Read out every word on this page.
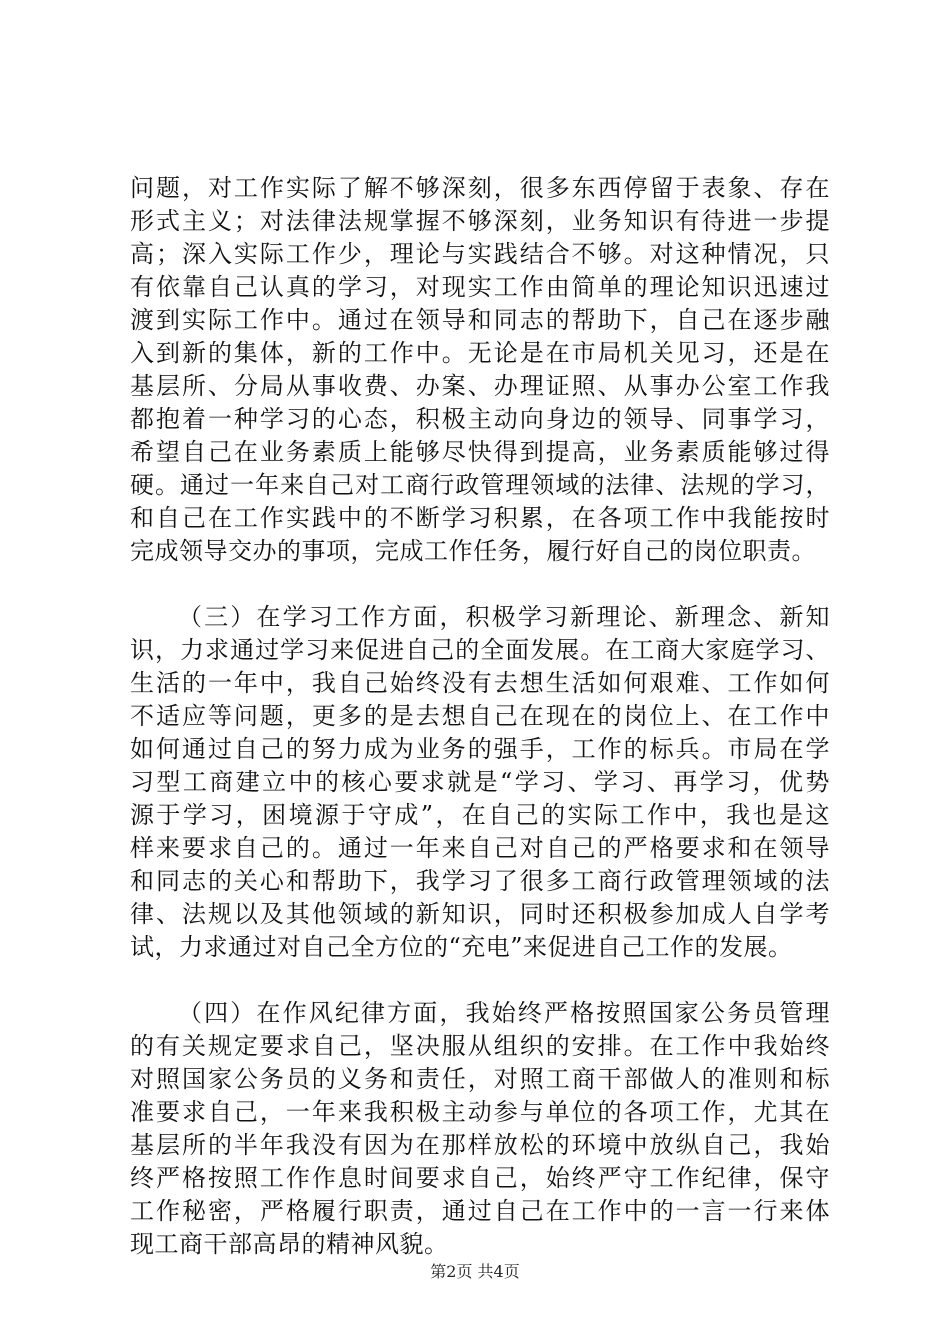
问题，对工作实际了解不够深刻，很多东西停留于表象、存在
形式主义；对法律法规掌握不够深刻，业务知识有待进一步提
高；深入实际工作少，理论与实践结合不够。对这种情况，只
有依靠自己认真的学习，对现实工作由简单的理论知识迅速过
渡到实际工作中。通过在领导和同志的帮助下，自己在逐步融
入到新的集体，新的工作中。无论是在市局机关见习，还是在
基层所、分局从事收费、办案、办理证照、从事办公室工作我
都抱着一种学习的心态，积极主动向身边的领导、同事学习，
希望自己在业务素质上能够尽快得到提高，业务素质能够过得
硬。通过一年来自己对工商行政管理领域的法律、法规的学习，
和自己在工作实践中的不断学习积累，在各项工作中我能按时
完成领导交办的事项，完成工作任务，履行好自己的岗位职责。
（三）在学习工作方面，积极学习新理论、新理念、新知
识，力求通过学习来促进自己的全面发展。在工商大家庭学习、
生活的一年中，我自己始终没有去想生活如何艰难、工作如何
不适应等问题，更多的是去想自己在现在的岗位上、在工作中
如何通过自己的努力成为业务的强手，工作的标兵。市局在学
习型工商建立中的核心要求就是“学习、学习、再学习，优势
源于学习，困境源于守成”，在自己的实际工作中，我也是这
样来要求自己的。通过一年来自己对自己的严格要求和在领导
和同志的关心和帮助下，我学习了很多工商行政管理领域的法
律、法规以及其他领域的新知识，同时还积极参加成人自学考
试，力求通过对自己全方位的“充电”来促进自己工作的发展。
（四）在作风纪律方面，我始终严格按照国家公务员管理
的有关规定要求自己，坚决服从组织的安排。在工作中我始终
对照国家公务员的义务和责任，对照工商干部做人的准则和标
准要求自己，一年来我积极主动参与单位的各项工作，尤其在
基层所的半年我没有因为在那样放松的环境中放纵自己，我始
终严格按照工作作息时间要求自己，始终严守工作纪律，保守
工作秘密，严格履行职责，通过自己在工作中的一言一行来体
现工商干部高昂的精神风貌。
第2页 共4页
